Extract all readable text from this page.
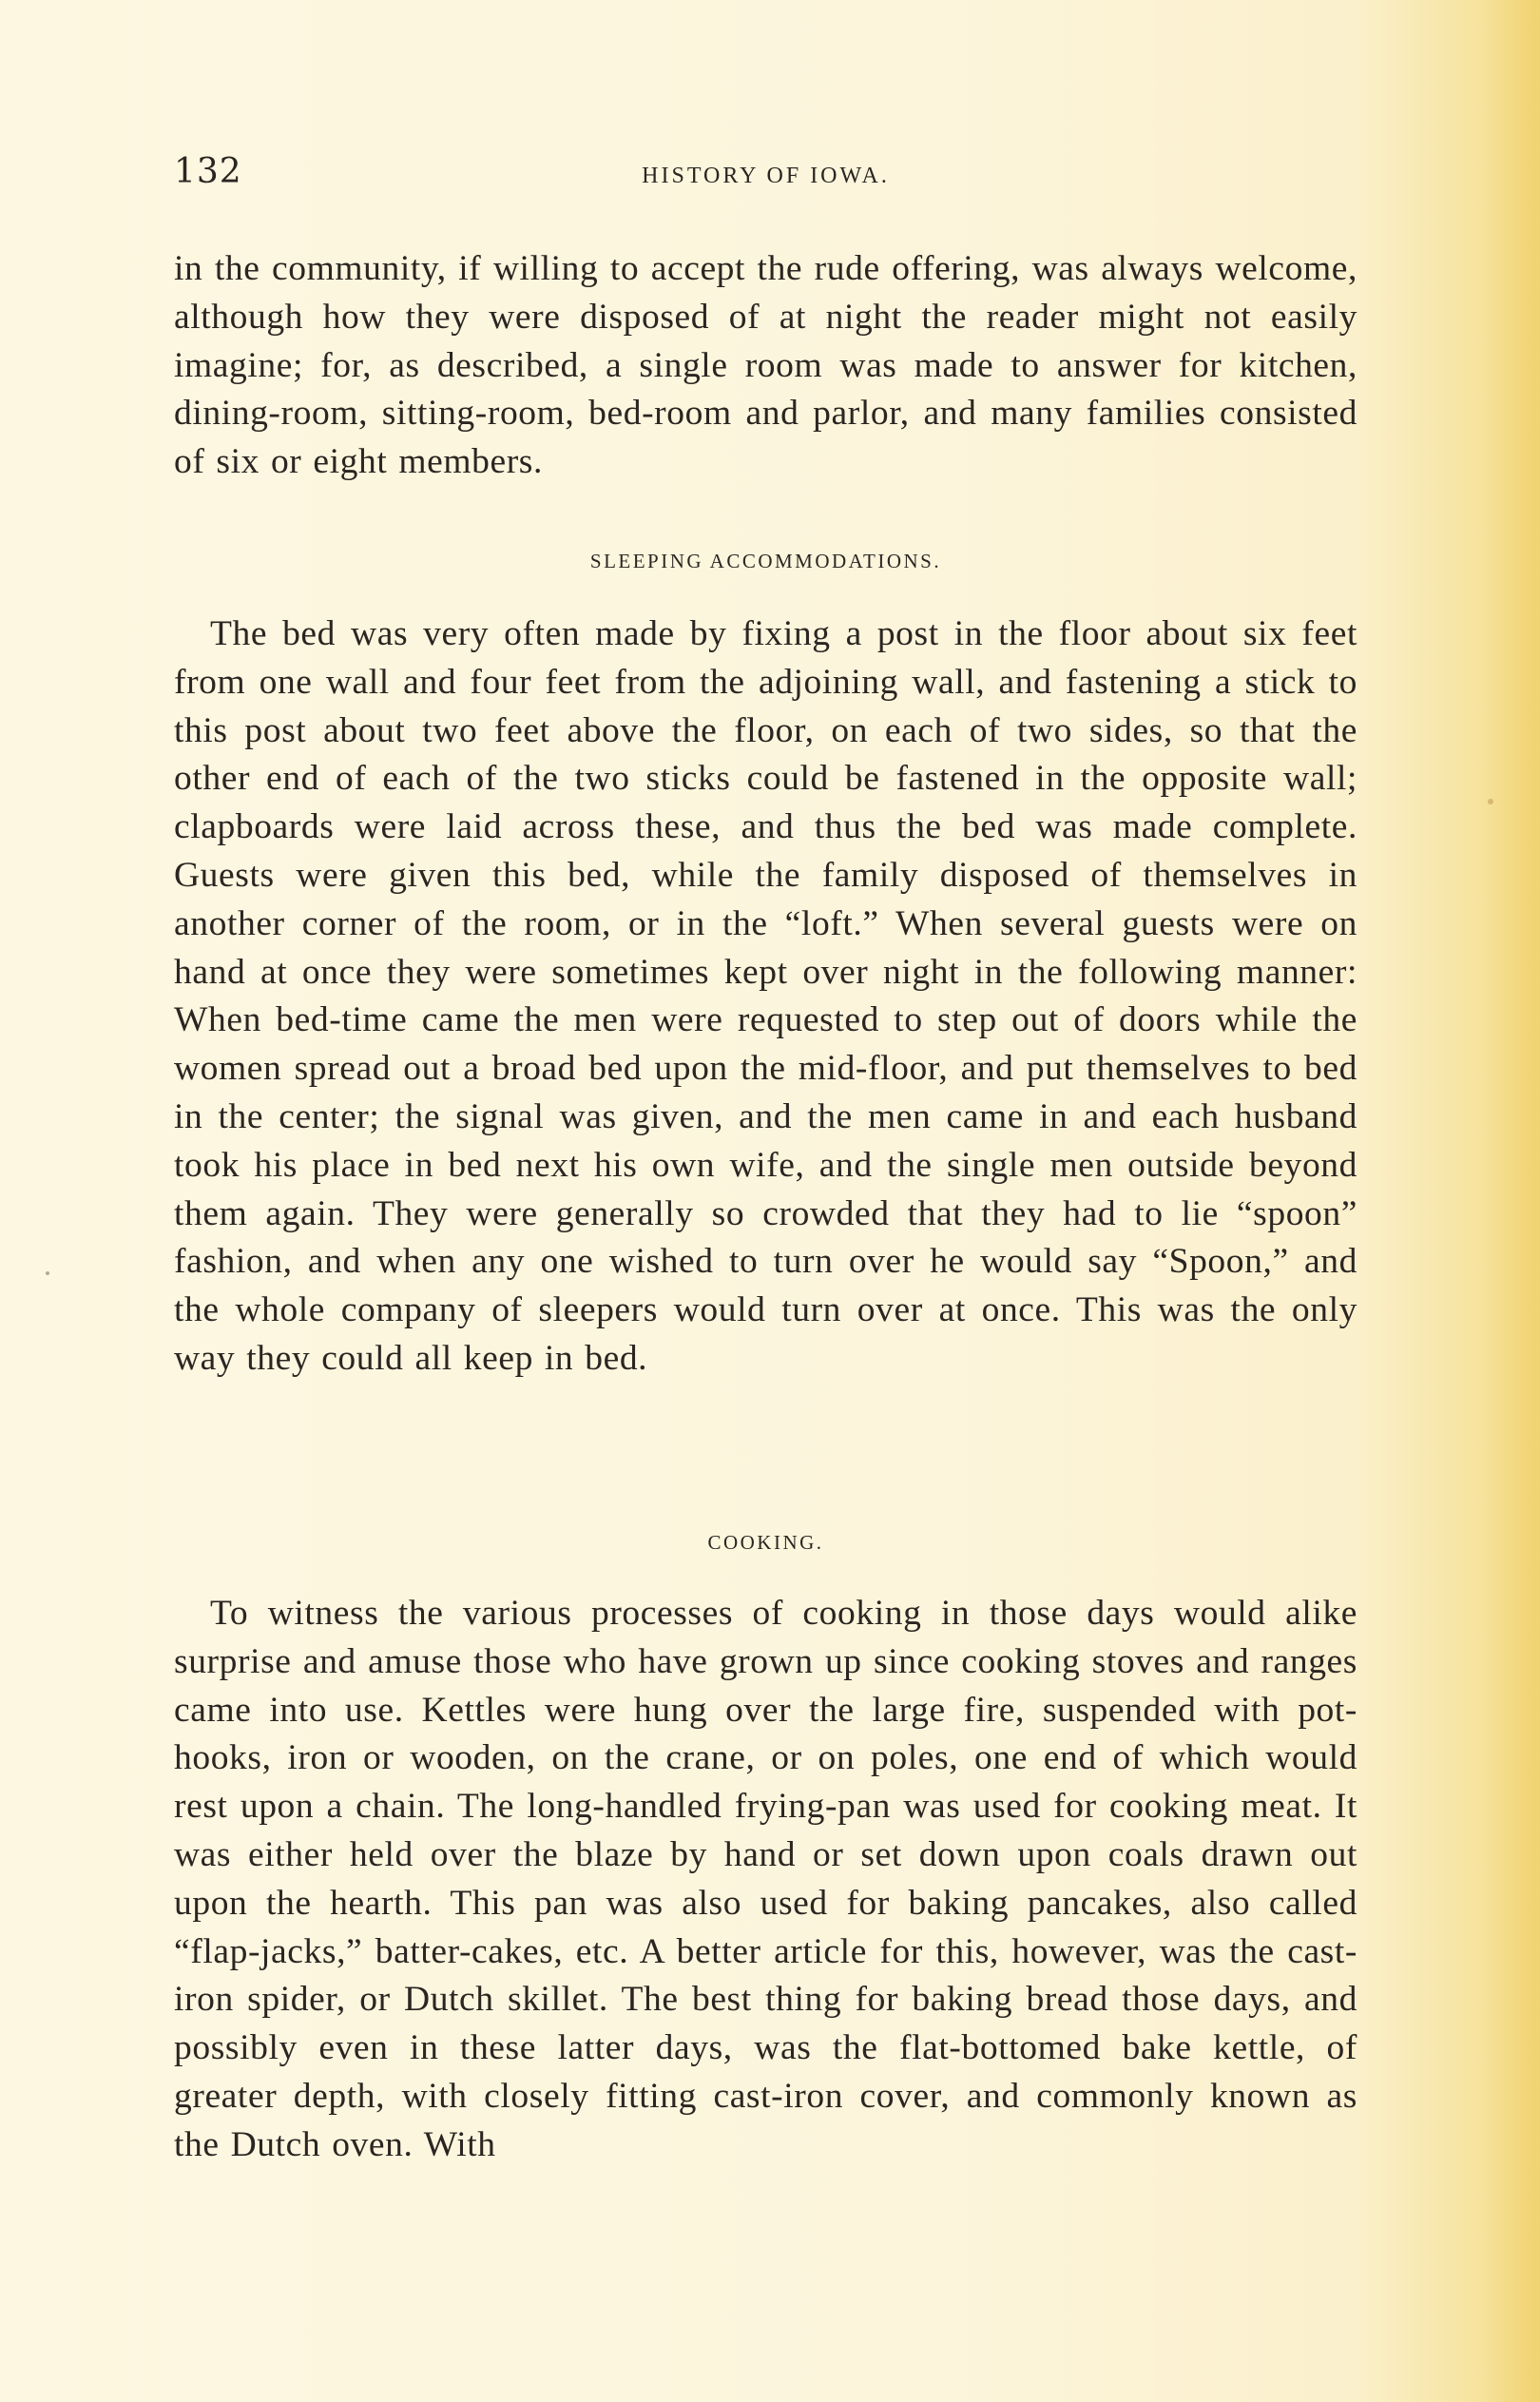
132	HISTORY OF IOWA.

in the community, if willing to accept the rude offering, was always welcome, although how they were disposed of at night the reader might not easily imagine; for, as described, a single room was made to answer for kitchen, dining-room, sitting-room, bed-room and parlor, and many families consisted of six or eight members.

SLEEPING ACCOMMODATIONS.

The bed was very often made by fixing a post in the floor about six feet from one wall and four feet from the adjoining wall, and fastening a stick to this post about two feet above the floor, on each of two sides, so that the other end of each of the two sticks could be fastened in the opposite wall; clapboards were laid across these, and thus the bed was made complete. Guests were given this bed, while the family disposed of themselves in another corner of the room, or in the “loft.” When several guests were on hand at once they were sometimes kept over night in the following manner: When bed-time came the men were requested to step out of doors while the women spread out a broad bed upon the mid-floor, and put themselves to bed in the center; the signal was given, and the men came in and each husband took his place in bed next his own wife, and the single men outside beyond them again. They were generally so crowded that they had to lie “spoon” fashion, and when any one wished to turn over he would say “Spoon,” and the whole company of sleepers would turn over at once. This was the only way they could all keep in bed.

COOKING.

To witness the various processes of cooking in those days would alike surprise and amuse those who have grown up since cooking stoves and ranges came into use. Kettles were hung over the large fire, suspended with pot-hooks, iron or wooden, on the crane, or on poles, one end of which would rest upon a chain. The long-handled frying-pan was used for cooking meat. It was either held over the blaze by hand or set down upon coals drawn out upon the hearth. This pan was also used for baking pancakes, also called “flap-jacks,” batter-cakes, etc. A better article for this, however, was the cast-iron spider, or Dutch skillet. The best thing for baking bread those days, and possibly even in these latter days, was the flat-bottomed bake kettle, of greater depth, with closely fitting cast-iron cover, and commonly known as the Dutch oven. With
